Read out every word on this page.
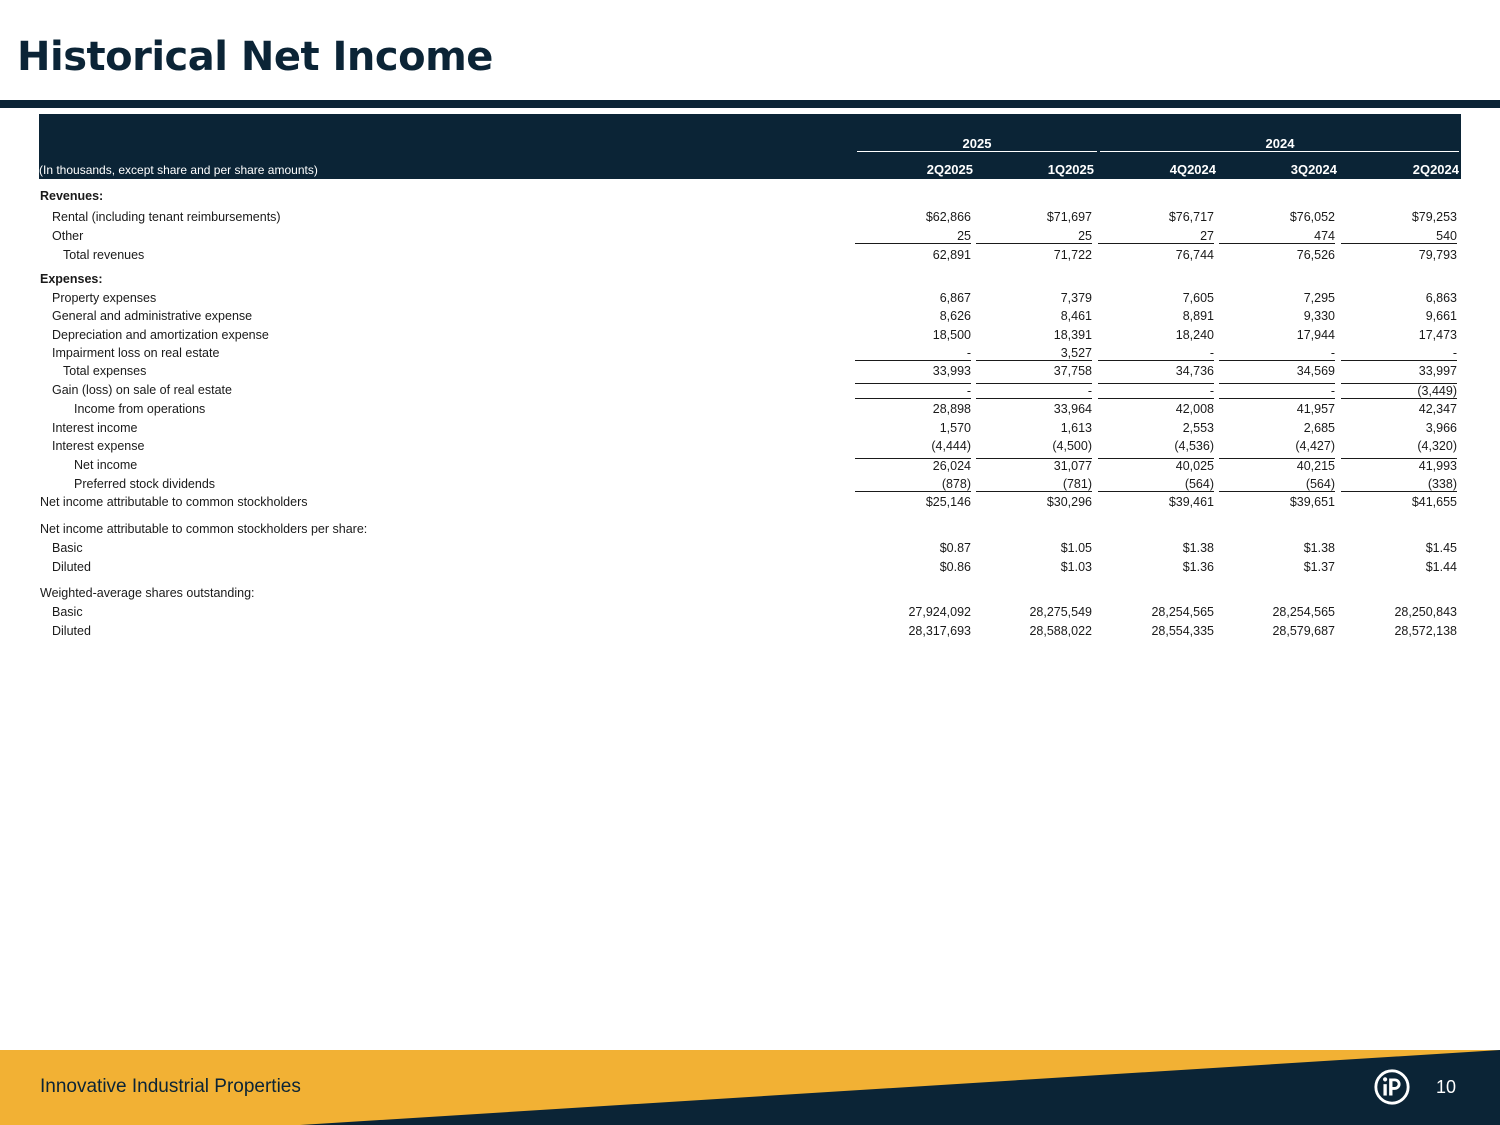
Historical Net Income
2025	2024
(In thousands, except share and per share amounts)	2Q2025	1Q2025	4Q2024	3Q2024	2Q2024
Revenues:
Rental (including tenant reimbursements)	$62,866	$71,697	$76,717	$76,052	$79,253
Other	25	25	27	474	540
Total revenues	62,891	71,722	76,744	76,526	79,793
Expenses:
Property expenses	6,867	7,379	7,605	7,295	6,863
General and administrative expense	8,626	8,461	8,891	9,330	9,661
Depreciation and amortization expense	18,500	18,391	18,240	17,944	17,473
Impairment loss on real estate	-	3,527	-	-	-
Total expenses	33,993	37,758	34,736	34,569	33,997
Gain (loss) on sale of real estate	-	-	-	-	(3,449)
Income from operations	28,898	33,964	42,008	41,957	42,347
Interest income	1,570	1,613	2,553	2,685	3,966
Interest expense	(4,444)	(4,500)	(4,536)	(4,427)	(4,320)
Net income	26,024	31,077	40,025	40,215	41,993
Preferred stock dividends	(878)	(781)	(564)	(564)	(338)
Net income attributable to common stockholders	$25,146	$30,296	$39,461	$39,651	$41,655
Net income attributable to common stockholders per share:
Basic	$0.87	$1.05	$1.38	$1.38	$1.45
Diluted	$0.86	$1.03	$1.36	$1.37	$1.44
Weighted-average shares outstanding:
Basic	27,924,092	28,275,549	28,254,565	28,254,565	28,250,843
Diluted	28,317,693	28,588,022	28,554,335	28,579,687	28,572,138
Innovative Industrial Properties	10
